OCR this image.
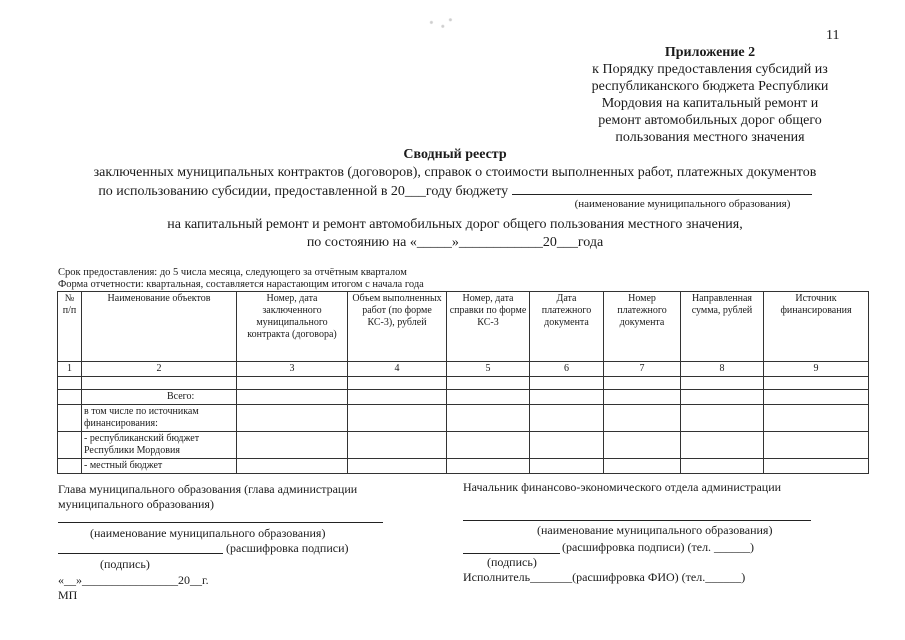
11
Приложение 2
к Порядку предоставления субсидий из
республиканского бюджета Республики
Мордовия на капитальный ремонт и
ремонт автомобильных дорог общего
пользования местного значения
Сводный реестр
заключенных муниципальных контрактов (договоров), справок о стоимости выполненных работ, платежных документов
по использованию субсидии, предоставленной в 20___году бюджету
на капитальный ремонт и ремонт автомобильных дорог общего пользования местного значения,
по состоянию на «_____»____________20___года
(наименование муниципального образования)
Срок предоставления: до 5 числа месяца, следующего за отчётным кварталом
Форма отчетности: квартальная, составляется нарастающим итогом с начала года
№ п/п	Наименование объектов	Номер, дата заключенного муниципального контракта (договора)	Объем выполненных работ (по форме КС-3), рублей	Номер, дата справки по форме КС-3	Дата платежного документа	Номер платежного документа	Направленная сумма, рублей	Источник финансирования
1	2	3	4	5	6	7	8	9

	Всего:							
	в том числе по источникам финансирования:							
	- республиканский бюджет Республики Мордовия							
	- местный бюджет							
Глава муниципального образования (глава администрации
муниципального образования)
(наименование муниципального образования)
(расшифровка подписи)
(подпись)
«__»________________20__г.
МП
Начальник финансово-экономического отдела администрации
(наименование муниципального образования)
(расшифровка подписи) (тел. ______)
(подпись)
Исполнитель_______(расшифровка ФИО) (тел.______)
